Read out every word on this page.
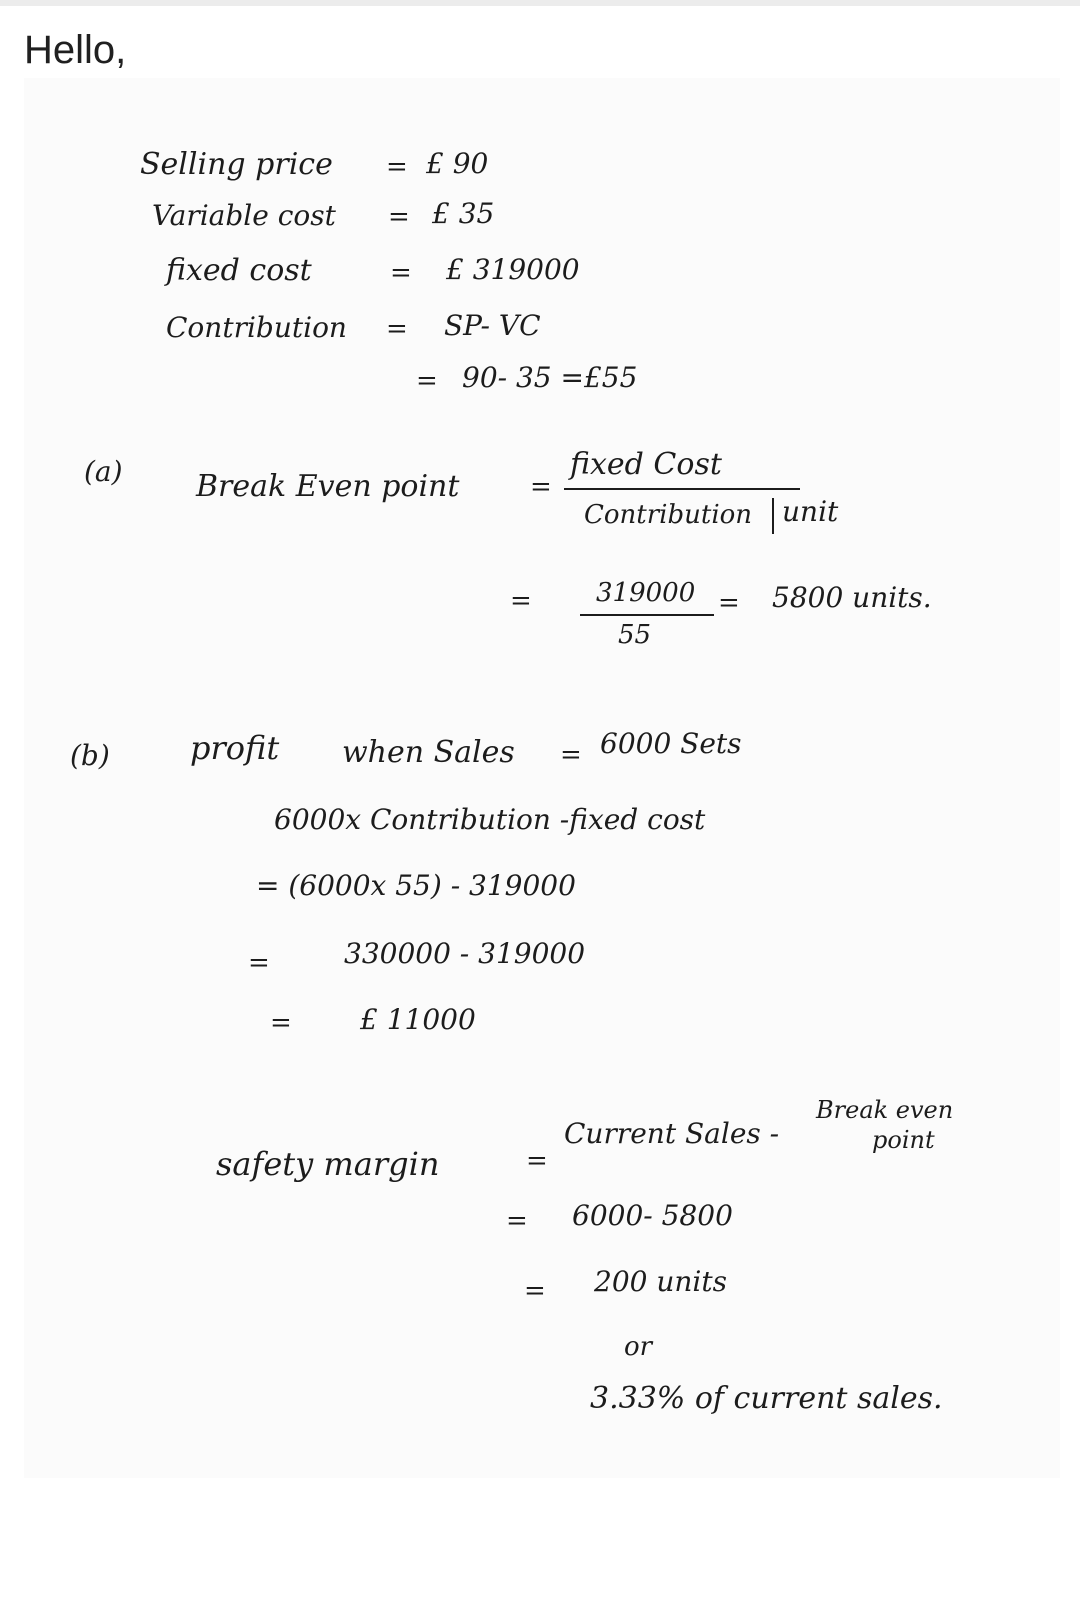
Hello,
Selling price = £ 90
Variable cost = £ 35
fixed cost	= £ 319000
Contribution = SP- VC
= 90- 35 =£55
(a) Break Even point	=
fixed Cost
Contribution unit
= 319000
55
= 5800 units.
(b)	profit when Sales = 6000 Sets
6000x Contribution -fixed cost
= (6000x 55) - 319000
=	330000 - 319000
= £ 11000
safety margin	=
Current Sales -
Break even
point
= 6000- 5800
= 200 units
or
3.33% of current sales.
